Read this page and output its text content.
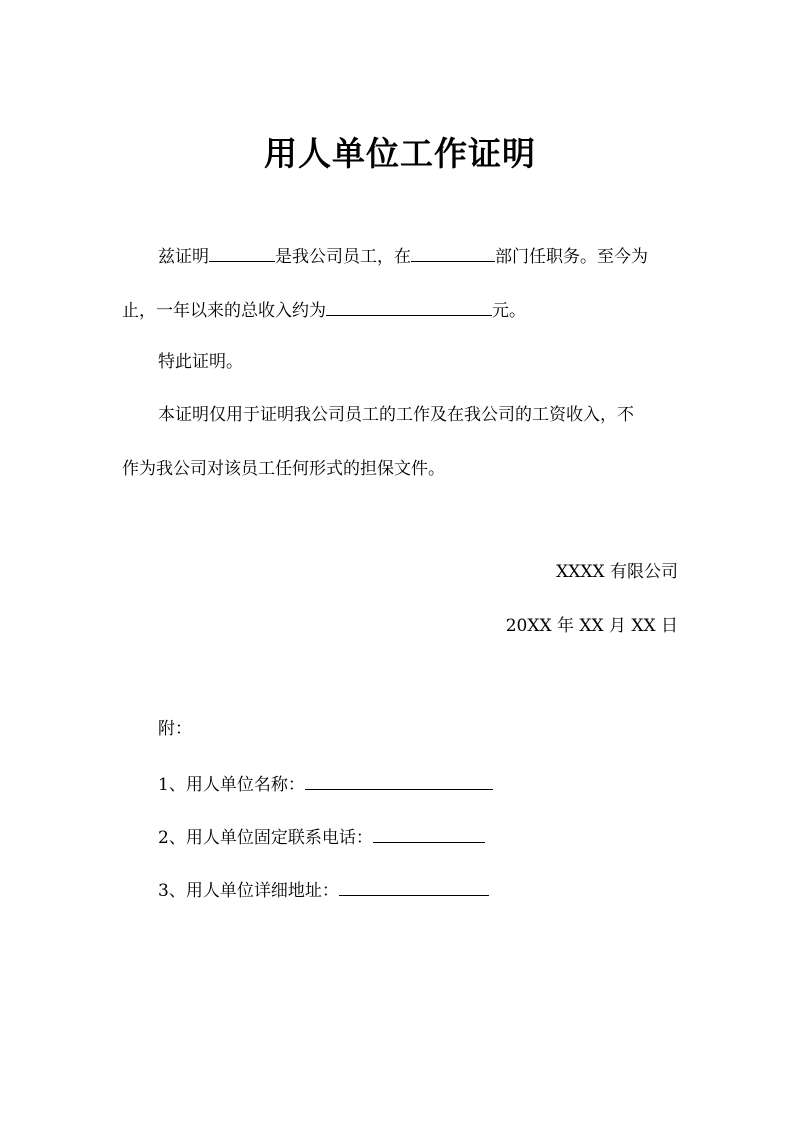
用人单位工作证明
兹证明	是我公司员工，在	部门任职务。至今为
止，一年以来的总收入约为	元。
特此证明。
本证明仅用于证明我公司员工的工作及在我公司的工资收入，不
作为我公司对该员工任何形式的担保文件。
XXXX 有限公司
20XX 年 XX 月 XX 日
附：
1、用人单位名称：
2、用人单位固定联系电话：
3、用人单位详细地址：
